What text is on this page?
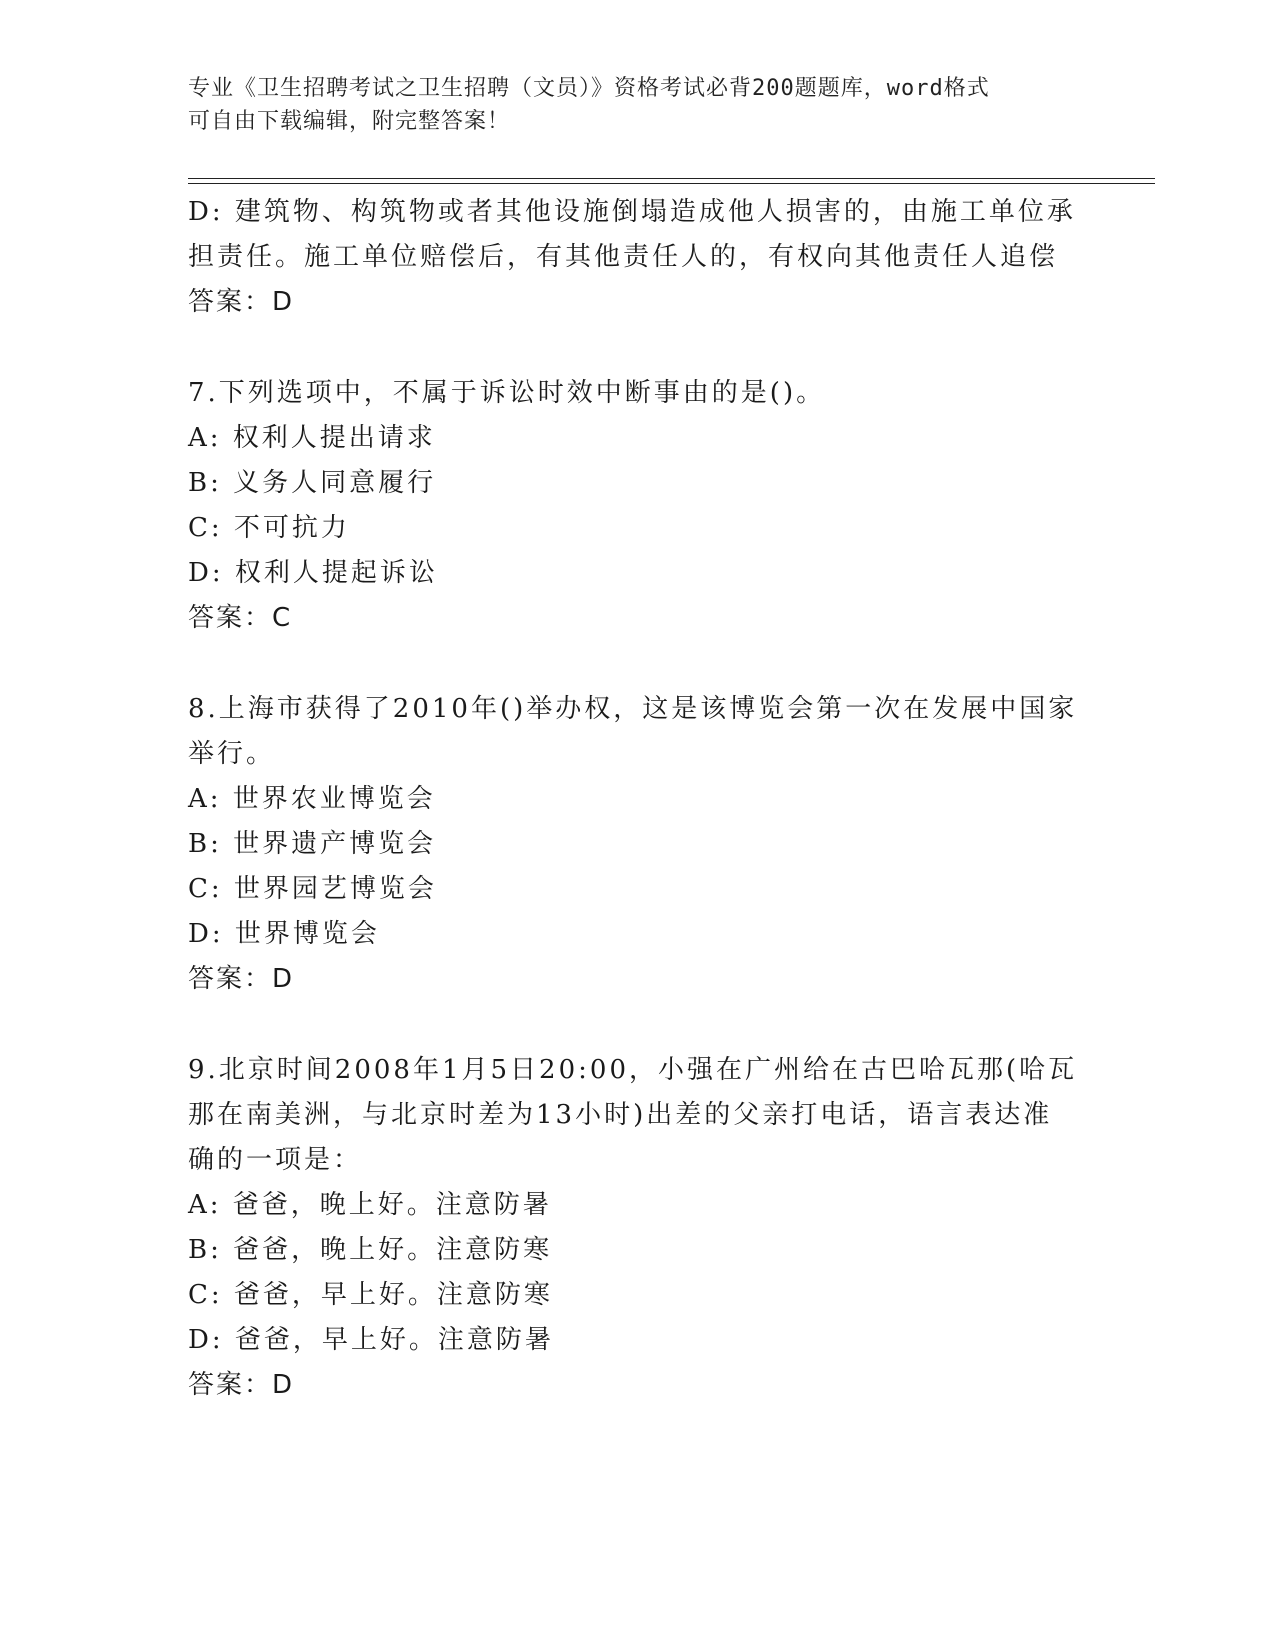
专业《卫生招聘考试之卫生招聘（文员）》资格考试必背200题题库，word格式
可自由下载编辑，附完整答案！
D: 建筑物、构筑物或者其他设施倒塌造成他人损害的，由施工单位承
担责任。施工单位赔偿后，有其他责任人的，有权向其他责任人追偿
答案：D
7.下列选项中，不属于诉讼时效中断事由的是()。
A: 权利人提出请求
B: 义务人同意履行
C: 不可抗力
D: 权利人提起诉讼
答案：C
8.上海市获得了2010年()举办权，这是该博览会第一次在发展中国家
举行。
A: 世界农业博览会
B: 世界遗产博览会
C: 世界园艺博览会
D: 世界博览会
答案：D
9.北京时间2008年1月5日20:00，小强在广州给在古巴哈瓦那(哈瓦
那在南美洲，与北京时差为13小时)出差的父亲打电话，语言表达准
确的一项是：
A: 爸爸，晚上好。注意防暑
B: 爸爸，晚上好。注意防寒
C: 爸爸，早上好。注意防寒
D: 爸爸，早上好。注意防暑
答案：D
